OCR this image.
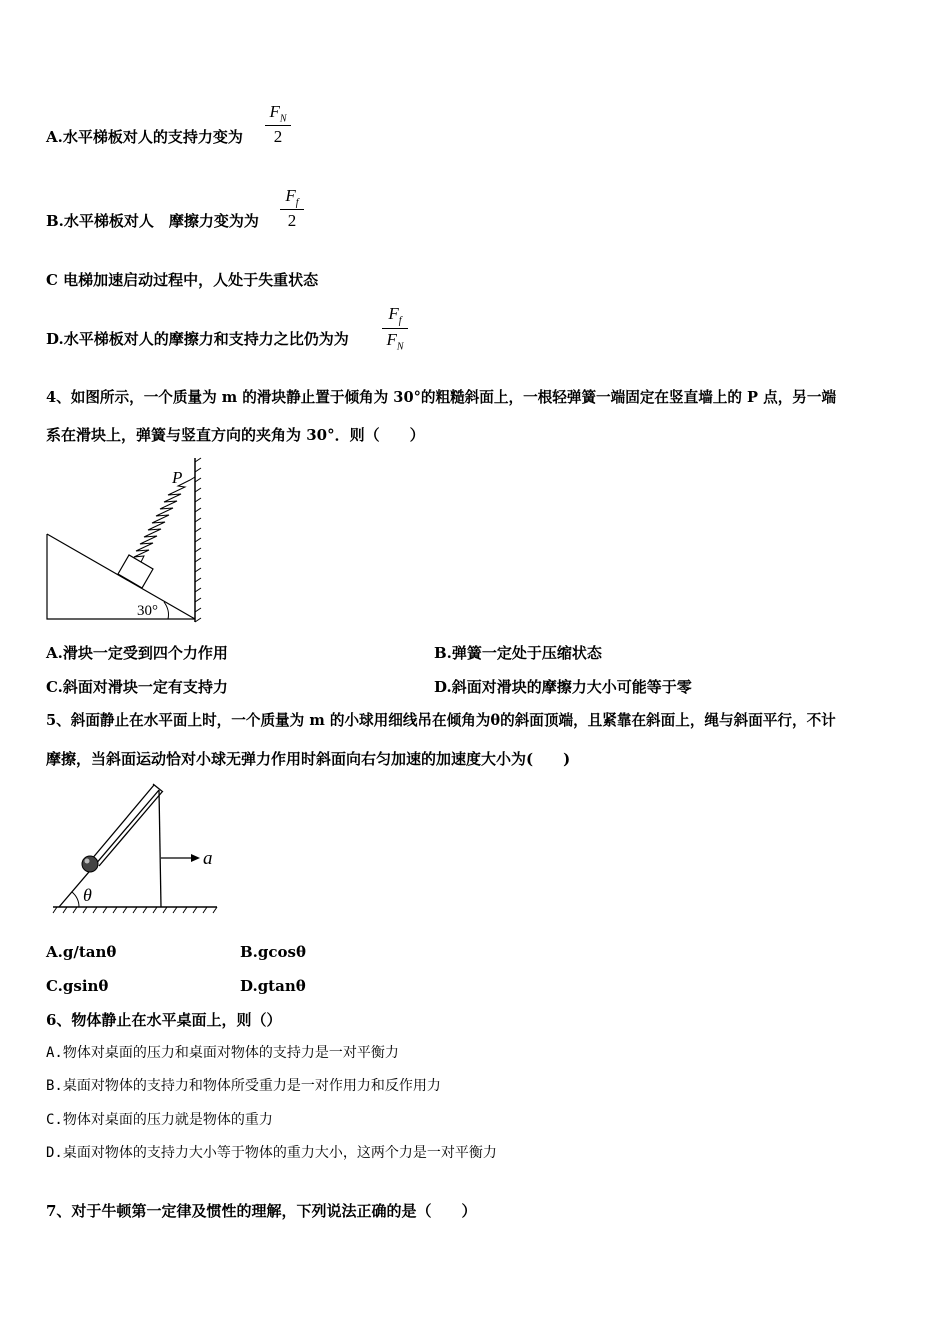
A.水平梯板对人的支持力变为
$F_N$
2
B.水平梯板对人　摩擦力变为为
$F_f$
2
C 电梯加速启动过程中，人处于失重状态
D.水平梯板对人的摩擦力和支持力之比仍为为
$F_f$
$F_N$
4、如图所示，一个质量为 m 的滑块静止置于倾角为 30°的粗糙斜面上，一根轻弹簧一端固定在竖直墙上的 P 点，另一端
系在滑块上，弹簧与竖直方向的夹角为 30°．则（　　）
P
30°
A.滑块一定受到四个力作用	B.弹簧一定处于压缩状态
C.斜面对滑块一定有支持力	D.斜面对滑块的摩擦力大小可能等于零
5、斜面静止在水平面上时，一个质量为 m 的小球用细线吊在倾角为θ的斜面顶端，且紧靠在斜面上，绳与斜面平行，不计
摩擦，当斜面运动恰对小球无弹力作用时斜面向右匀加速的加速度大小为(　　)
a
θ
A.g/tanθ	B.gcosθ
C.gsinθ	D.gtanθ
6、物体静止在水平桌面上，则（）
A.物体对桌面的压力和桌面对物体的支持力是一对平衡力
B.桌面对物体的支持力和物体所受重力是一对作用力和反作用力
C.物体对桌面的压力就是物体的重力
D.桌面对物体的支持力大小等于物体的重力大小，这两个力是一对平衡力
7、对于牛顿第一定律及惯性的理解，下列说法正确的是（　　）
